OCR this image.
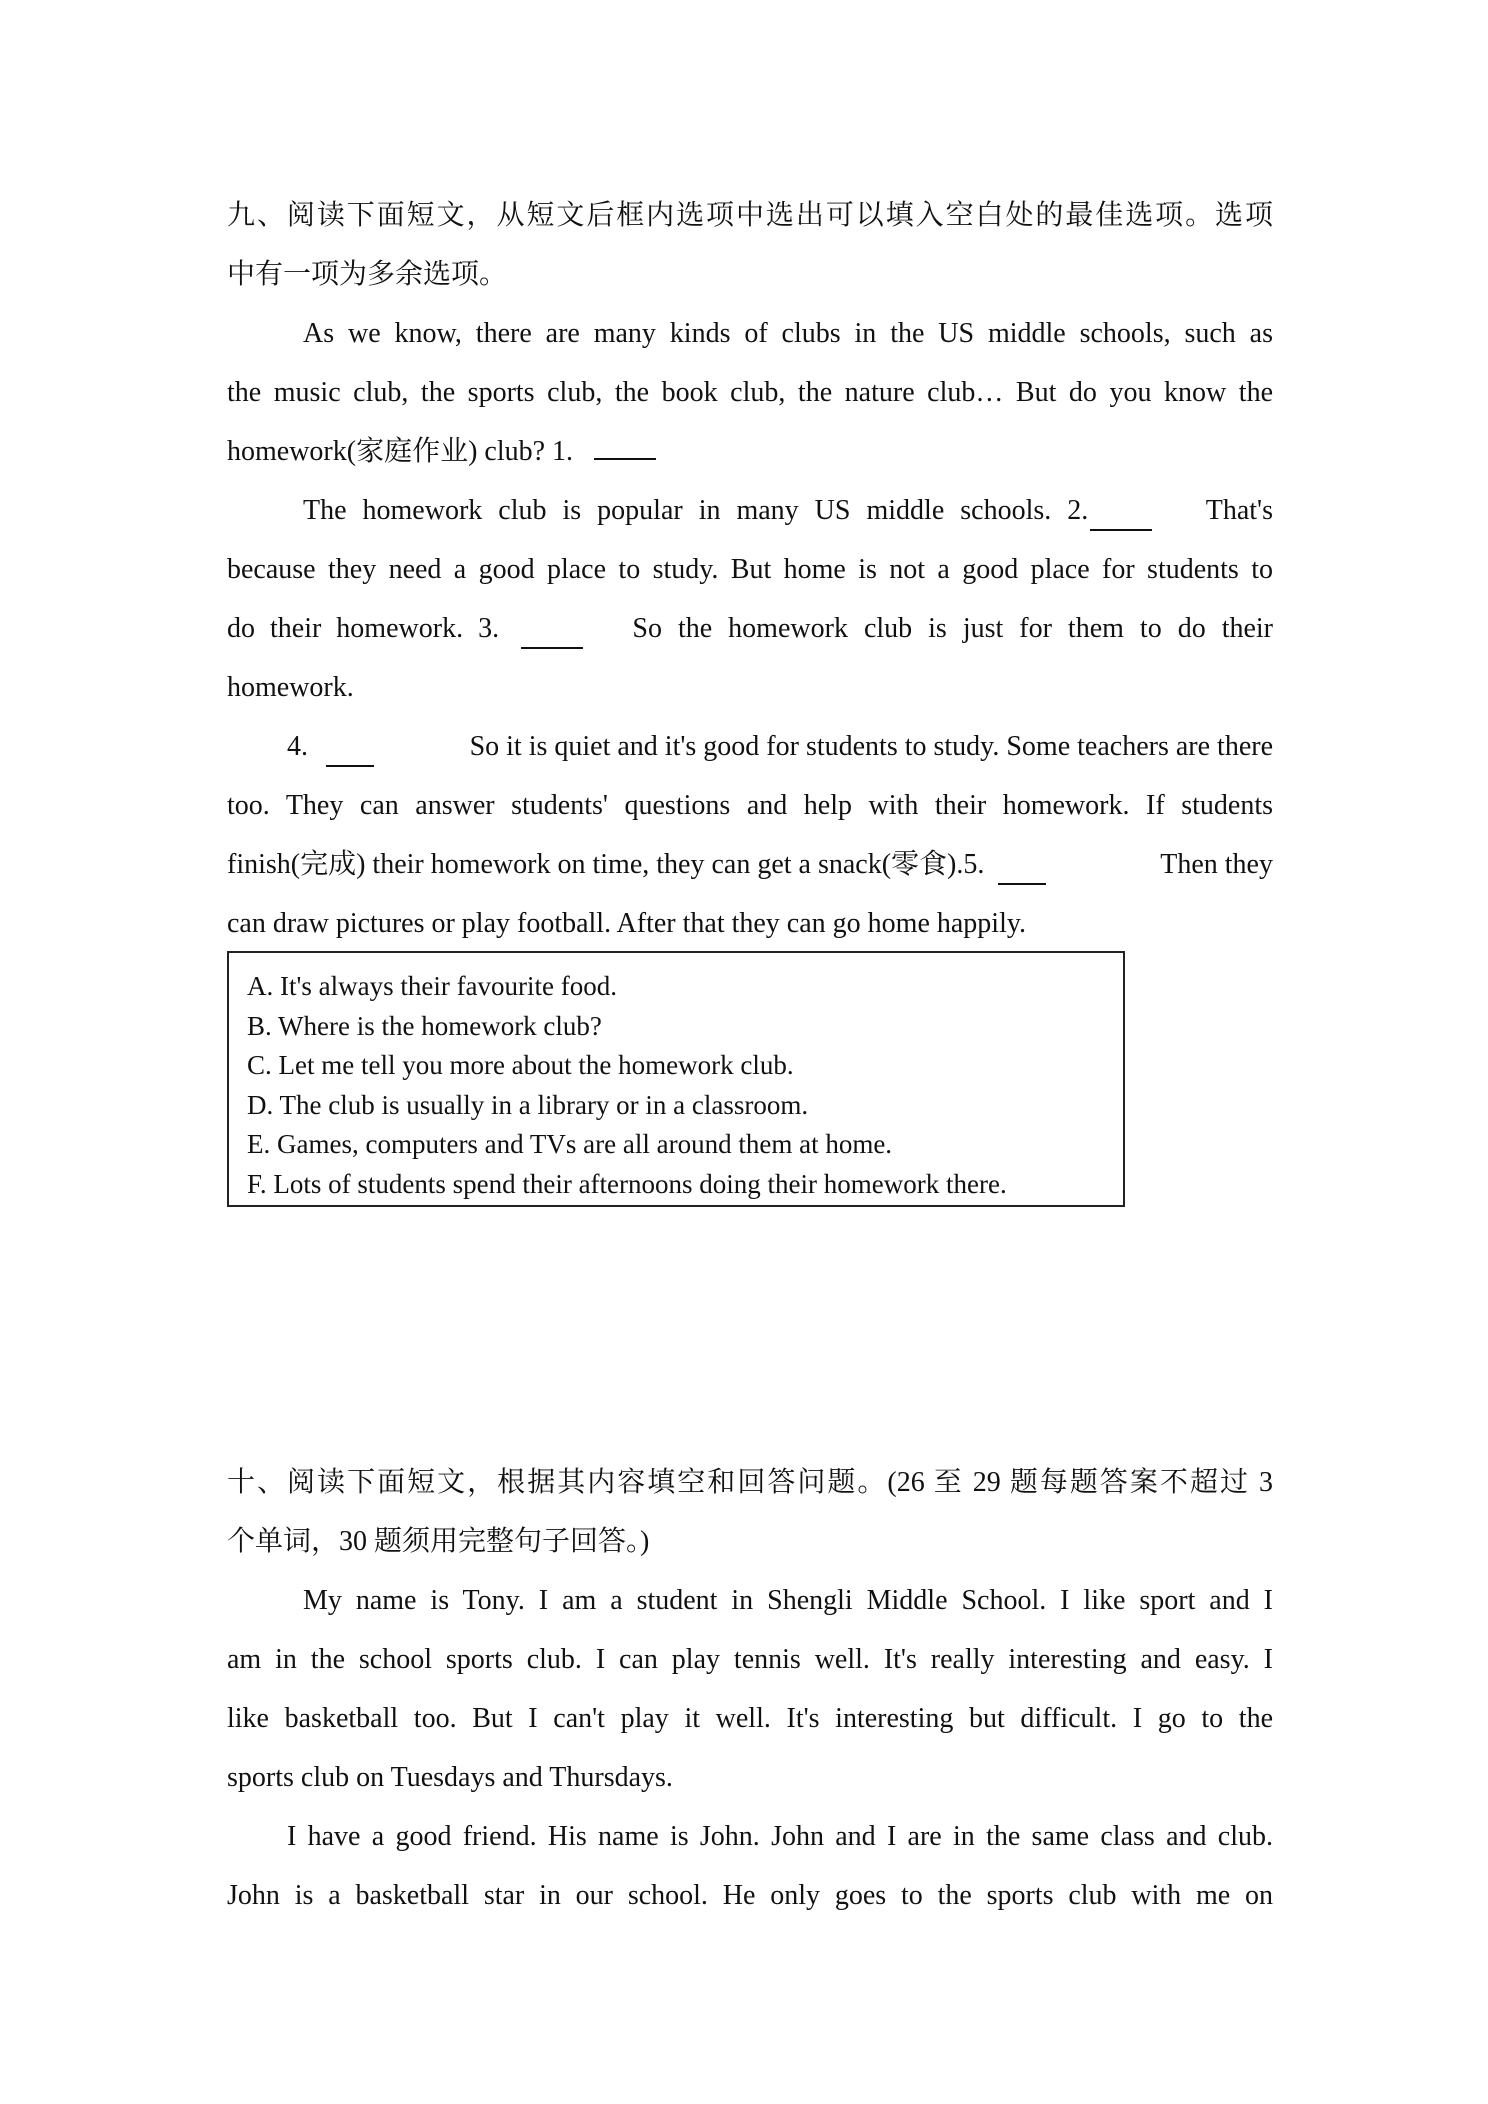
九、阅读下面短文，从短文后框内选项中选出可以填入空白处的最佳选项。选项
中有一项为多余选项。
As we know, there are many kinds of clubs in the US middle schools, such as
the music club, the sports club, the book club, the nature club… But do you know the
homework(家庭作业) club? 1.
The homework club is popular in many US middle schools. 2.	That's
because they need a good place to study. But home is not a good place for students to
do their homework. 3.	So the homework club is just for them to do their
homework.
4.	So it is quiet and it's good for students to study. Some teachers are there
too. They can answer students' questions and help with their homework. If students
finish(完成) their homework on time, they can get a snack(零食).5.	Then they
can draw pictures or play football. After that they can go home happily.
A. It's always their favourite food.
B. Where is the homework club?
C. Let me tell you more about the homework club.
D. The club is usually in a library or in a classroom.
E. Games, computers and TVs are all around them at home.
F. Lots of students spend their afternoons doing their homework there.
十、阅读下面短文，根据其内容填空和回答问题。(26 至 29 题每题答案不超过 3
个单词，30 题须用完整句子回答。)
My name is Tony. I am a student in Shengli Middle School. I like sport and I
am in the school sports club. I can play tennis well. It's really interesting and easy. I
like basketball too. But I can't play it well. It's interesting but difficult. I go to the
sports club on Tuesdays and Thursdays.
I have a good friend. His name is John. John and I are in the same class and club.
John is a basketball star in our school. He only goes to the sports club with me on
